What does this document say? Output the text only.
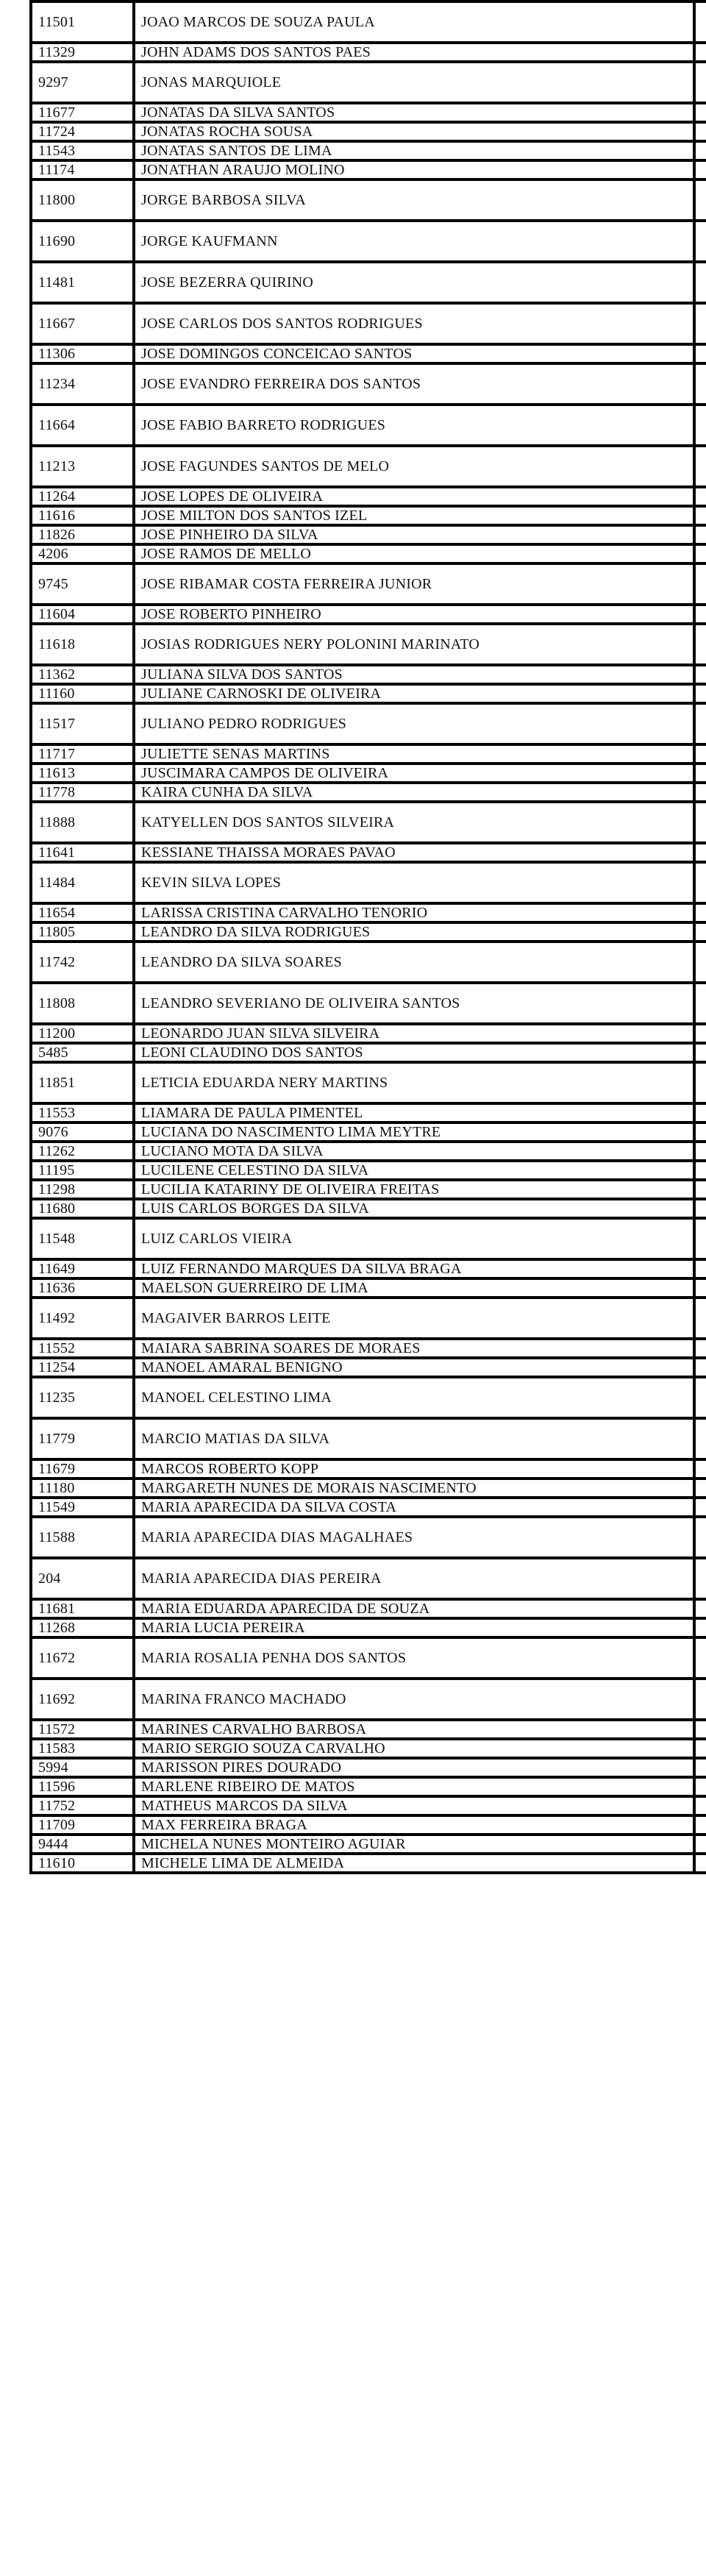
11501	JOAO MARCOS DE SOUZA PAULA	
11329	JOHN ADAMS DOS SANTOS PAES	
9297	JONAS MARQUIOLE	
11677	JONATAS DA SILVA SANTOS	
11724	JONATAS ROCHA SOUSA	
11543	JONATAS SANTOS DE LIMA	
11174	JONATHAN ARAUJO MOLINO	
11800	JORGE BARBOSA SILVA	
11690	JORGE KAUFMANN	
11481	JOSE BEZERRA QUIRINO	
11667	JOSE CARLOS DOS SANTOS RODRIGUES	
11306	JOSE DOMINGOS CONCEICAO SANTOS	
11234	JOSE EVANDRO FERREIRA DOS SANTOS	
11664	JOSE FABIO BARRETO RODRIGUES	
11213	JOSE FAGUNDES SANTOS DE MELO	
11264	JOSE LOPES DE OLIVEIRA	
11616	JOSE MILTON DOS SANTOS IZEL	
11826	JOSE PINHEIRO DA SILVA	
4206	JOSE RAMOS DE MELLO	
9745	JOSE RIBAMAR COSTA FERREIRA JUNIOR	
11604	JOSE ROBERTO PINHEIRO	
11618	JOSIAS RODRIGUES NERY POLONINI MARINATO	
11362	JULIANA SILVA DOS SANTOS	
11160	JULIANE CARNOSKI DE OLIVEIRA	
11517	JULIANO PEDRO RODRIGUES	
11717	JULIETTE SENAS MARTINS	
11613	JUSCIMARA CAMPOS DE OLIVEIRA	
11778	KAIRA CUNHA DA SILVA	
11888	KATYELLEN DOS SANTOS SILVEIRA	
11641	KESSIANE THAISSA MORAES PAVAO	
11484	KEVIN SILVA LOPES	
11654	LARISSA CRISTINA CARVALHO TENORIO	
11805	LEANDRO DA SILVA RODRIGUES	
11742	LEANDRO DA SILVA SOARES	
11808	LEANDRO SEVERIANO DE OLIVEIRA SANTOS	
11200	LEONARDO JUAN SILVA SILVEIRA	
5485	LEONI CLAUDINO DOS SANTOS	
11851	LETICIA EDUARDA NERY MARTINS	
11553	LIAMARA DE PAULA PIMENTEL	
9076	LUCIANA DO NASCIMENTO LIMA MEYTRE	
11262	LUCIANO MOTA DA SILVA	
11195	LUCILENE CELESTINO DA SILVA	
11298	LUCILIA KATARINY DE OLIVEIRA FREITAS	
11680	LUIS CARLOS BORGES DA SILVA	
11548	LUIZ CARLOS VIEIRA	
11649	LUIZ FERNANDO MARQUES DA SILVA BRAGA	
11636	MAELSON GUERREIRO DE LIMA	
11492	MAGAIVER BARROS LEITE	
11552	MAIARA SABRINA SOARES DE MORAES	
11254	MANOEL AMARAL BENIGNO	
11235	MANOEL CELESTINO LIMA	
11779	MARCIO MATIAS DA SILVA	
11679	MARCOS ROBERTO KOPP	
11180	MARGARETH NUNES DE MORAIS NASCIMENTO	
11549	MARIA APARECIDA DA SILVA COSTA	
11588	MARIA APARECIDA DIAS MAGALHAES	
204	MARIA APARECIDA DIAS PEREIRA	
11681	MARIA EDUARDA APARECIDA DE SOUZA	
11268	MARIA LUCIA PEREIRA	
11672	MARIA ROSALIA PENHA DOS SANTOS	
11692	MARINA FRANCO MACHADO	
11572	MARINES CARVALHO BARBOSA	
11583	MARIO SERGIO SOUZA CARVALHO	
5994	MARISSON PIRES DOURADO	
11596	MARLENE RIBEIRO DE MATOS	
11752	MATHEUS MARCOS DA SILVA	
11709	MAX FERREIRA BRAGA	
9444	MICHELA NUNES MONTEIRO AGUIAR	
11610	MICHELE LIMA DE ALMEIDA	
